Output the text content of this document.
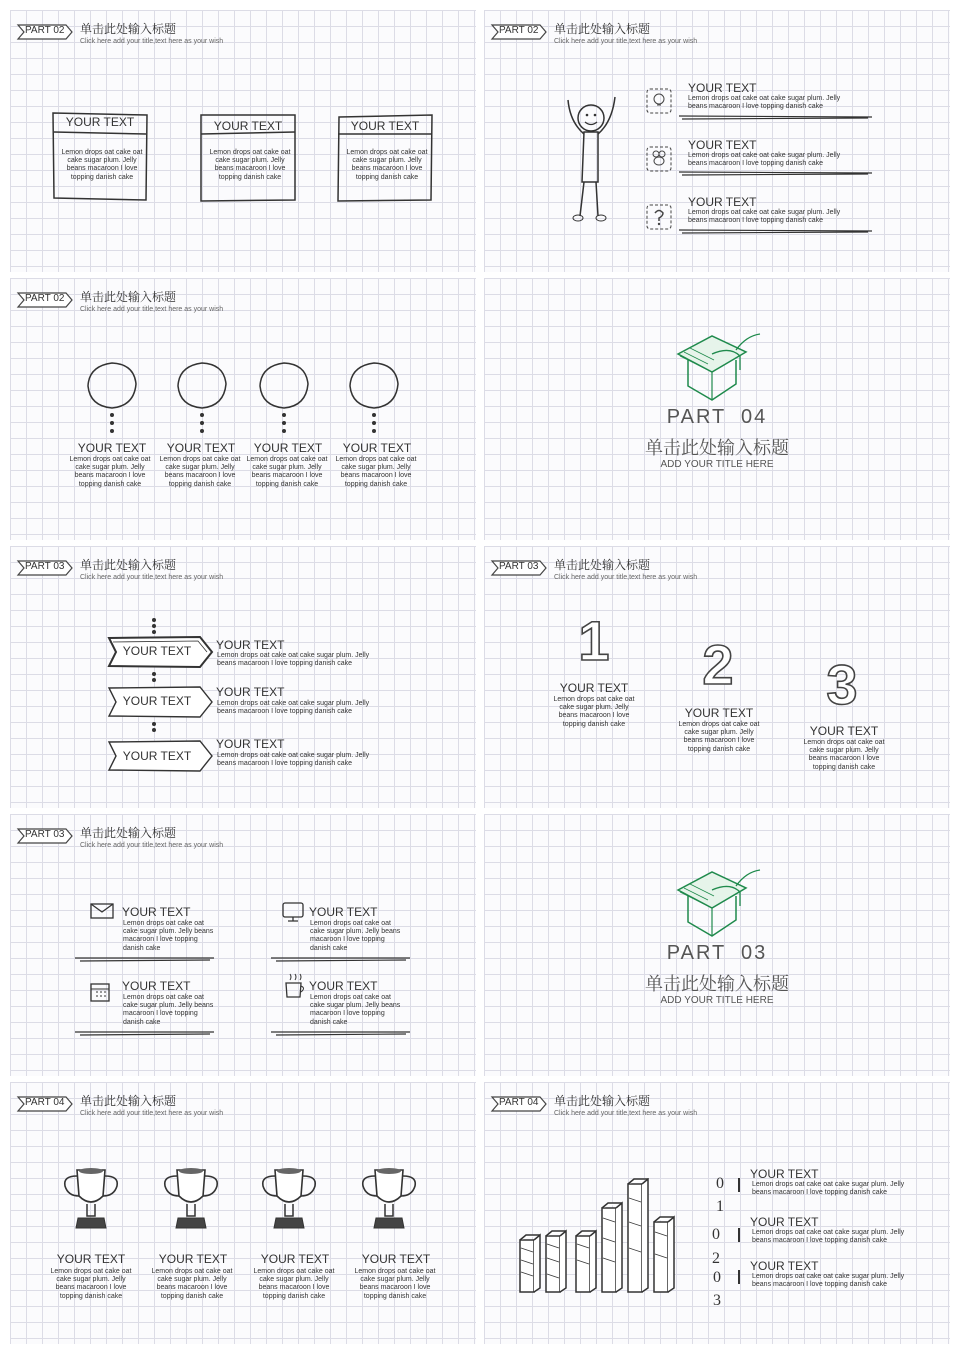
PART 02 单击此处输入标题
Click here add your title,text here as your wish
YOUR TEXT
Lemon drops oat cake oat cake sugar plum. Jelly beans macaroon I love topping danish cake
YOUR TEXT
Lemon drops oat cake oat cake sugar plum. Jelly beans macaroon I love topping danish cake
YOUR TEXT
Lemon drops oat cake oat cake sugar plum. Jelly beans macaroon I love topping danish cake
PART 02 单击此处输入标题
Click here add your title,text here as your wish
YOUR TEXT
Lemon drops oat cake oat cake sugar plum. Jelly beans macaroon I love topping danish cake
YOUR TEXT
Lemon drops oat cake oat cake sugar plum. Jelly beans macaroon I love topping danish cake
YOUR TEXT
Lemon drops oat cake oat cake sugar plum. Jelly beans macaroon I love topping danish cake
PART 02 单击此处输入标题
Click here add your title,text here as your wish
YOUR TEXT
Lemon drops oat cake oat cake sugar plum. Jelly beans macaroon I love topping danish cake
YOUR TEXT
Lemon drops oat cake oat cake sugar plum. Jelly beans macaroon I love topping danish cake
YOUR TEXT
Lemon drops oat cake oat cake sugar plum. Jelly beans macaroon I love topping danish cake
YOUR TEXT
Lemon drops oat cake oat cake sugar plum. Jelly beans macaroon I love topping danish cake
PART  04
单击此处输入标题
ADD YOUR TITLE HERE
PART 03 单击此处输入标题
Click here add your title,text here as your wish
YOUR TEXT	YOUR TEXT
Lemon drops oat cake oat cake sugar plum. Jelly beans macaroon I love topping danish cake
YOUR TEXT
YOUR TEXT
Lemon drops oat cake oat cake sugar plum. Jelly beans macaroon I love topping danish cake
YOUR TEXT
YOUR TEXT
Lemon drops oat cake oat cake sugar plum. Jelly beans macaroon I love topping danish cake
PART 03 单击此处输入标题
Click here add your title,text here as your wish
1
YOUR TEXT
Lemon drops oat cake oat cake sugar plum. Jelly beans macaroon I love topping danish cake
2
YOUR TEXT
Lemon drops oat cake oat cake sugar plum. Jelly beans macaroon I love topping danish cake
3
YOUR TEXT
Lemon drops oat cake oat cake sugar plum. Jelly beans macaroon I love topping danish cake
PART 03 单击此处输入标题
Click here add your title,text here as your wish
YOUR TEXT
Lemon drops oat cake oat cake sugar plum. Jelly beans macaroon I love topping danish cake
YOUR TEXT
Lemon drops oat cake oat cake sugar plum. Jelly beans macaroon I love topping danish cake
YOUR TEXT
Lemon drops oat cake oat cake sugar plum. Jelly beans macaroon I love topping danish cake
YOUR TEXT
Lemon drops oat cake oat cake sugar plum. Jelly beans macaroon I love topping danish cake
PART  03
单击此处输入标题
ADD YOUR TITLE HERE
PART 04 单击此处输入标题
Click here add your title,text here as your wish
YOUR TEXT
Lemon drops oat cake oat cake sugar plum. Jelly beans macaroon I love topping danish cake
YOUR TEXT
Lemon drops oat cake oat cake sugar plum. Jelly beans macaroon I love topping danish cake
YOUR TEXT
Lemon drops oat cake oat cake sugar plum. Jelly beans macaroon I love topping danish cake
YOUR TEXT
Lemon drops oat cake oat cake sugar plum. Jelly beans macaroon I love topping danish cake
PART 04 单击此处输入标题
Click here add your title,text here as your wish
0
1
0
2
0
3
YOUR TEXT
Lemon drops oat cake oat cake sugar plum. Jelly beans macaroon I love topping danish cake
YOUR TEXT
Lemon drops oat cake oat cake sugar plum. Jelly beans macaroon I love topping danish cake
YOUR TEXT
Lemon drops oat cake oat cake sugar plum. Jelly beans macaroon I love topping danish cake
